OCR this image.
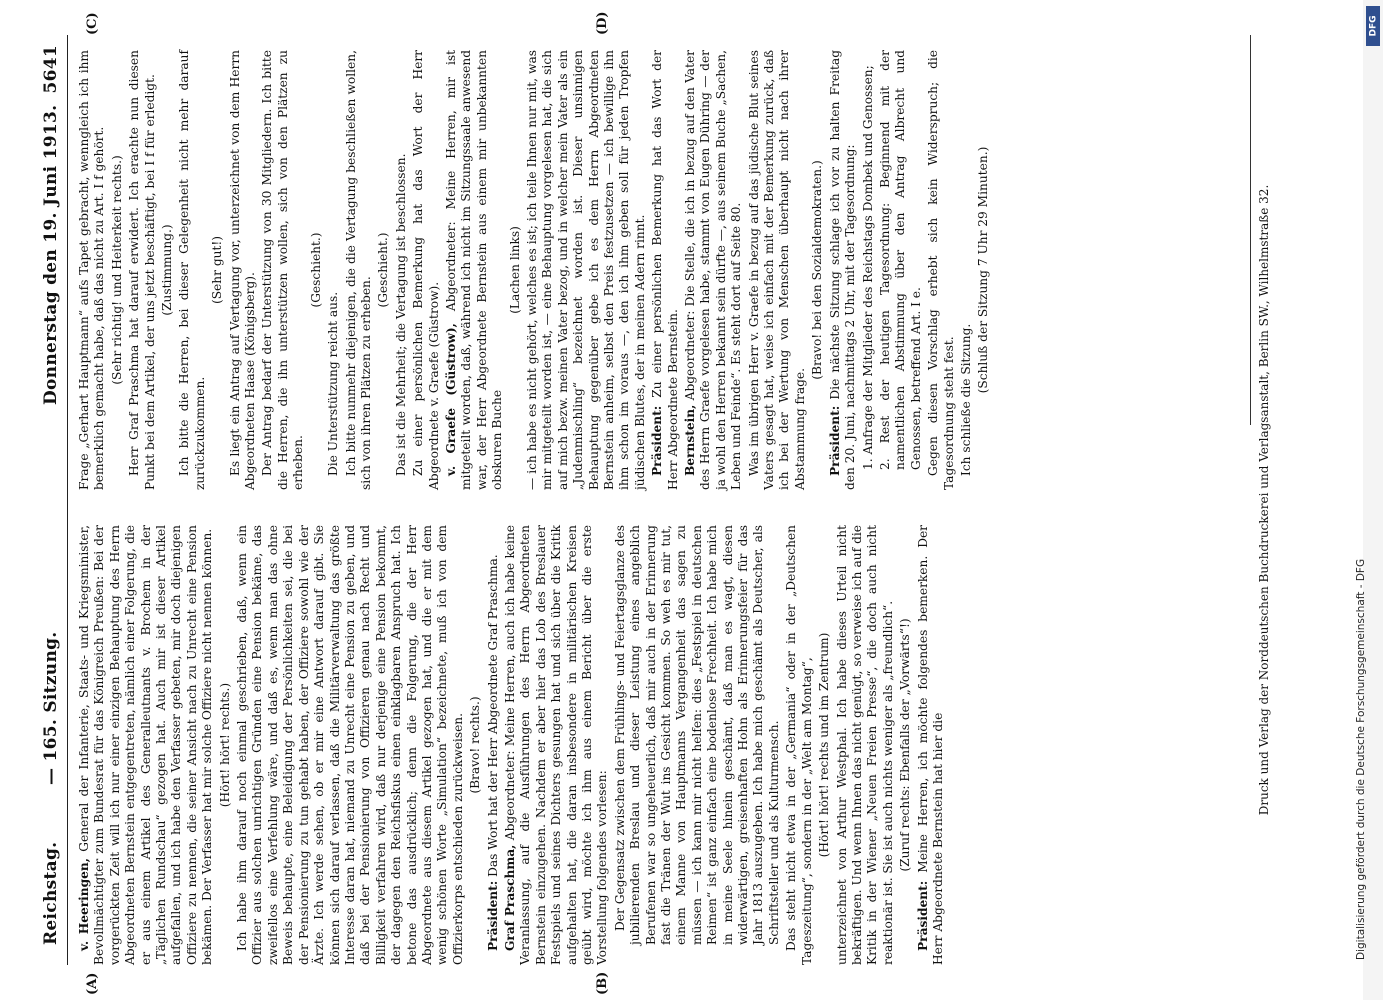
DFG
Digitalisierung gefördert durch die Deutsche Forschungsgemeinschaft - DFG
Reichstag.
— 165. Sitzung.
Donnerstag den 19. Juni 1913.
5641
(A)	(B)
(C)	(D)

v. Heeringen, General der Infanterie, Staats- und Kriegsminister, Bevollmächtigter zum Bundesrat für das Königreich Preußen: Bei der vorgerückten Zeit will ich nur einer einzigen Behauptung des Herrn Abgeordneten Bernstein entgegentreten, nämlich einer Folgerung, die er aus einem Artikel des Generalleutnants v. Brochem in der „Täglichen Rundschau“ gezogen hat. Auch mir ist dieser Artikel aufgefallen, und ich habe den Verfasser gebeten, mir doch diejenigen Offiziere zu nennen, die seiner Ansicht nach zu Unrecht eine Pension bekämen. Der Verfasser hat mir solche Offiziere nicht nennen können. (Hört! hört! rechts.) Ich habe ihm darauf noch einmal geschrieben, daß, wenn ein Offizier aus solchen unrichtigen Gründen eine Pension bekäme, das zweifellos eine Verfehlung wäre, und daß es, wenn man das ohne Beweis behaupte, eine Beleidigung der Persönlichkeiten sei, die bei der Pensionierung zu tun gehabt haben, der Offiziere sowohl wie der Ärzte. Ich werde sehen, ob er mir eine Antwort darauf gibt. Sie können sich darauf verlassen, daß die Militärverwaltung das größte Interesse daran hat, niemand zu Unrecht eine Pension zu geben, und daß bei der Pensionierung von Offizieren genau nach Recht und Billigkeit verfahren wird, daß nur derjenige eine Pension bekommt, der dagegen den Reichsfiskus einen einklagbaren Anspruch hat. Ich betone das ausdrücklich; denn die Folgerung, die der Herr Abgeordnete aus diesem Artikel gezogen hat, und die er mit dem wenig schönen Worte „Simulation“ bezeichnete, muß ich von dem Offizierkorps entschieden zurückweisen. (Bravo! rechts.)

Präsident: Das Wort hat der Herr Abgeordnete Graf Praschma.

Graf Praschma, Abgeordneter: Meine Herren, auch ich habe keine Veranlassung, auf die Ausführungen des Herrn Abgeordneten Bernstein einzugehen. Nachdem er aber hier das Lob des Breslauer Festspiels und seines Dichters gesungen hat und sich über die Kritik aufgehalten hat, die daran insbesondere in militärischen Kreisen geübt wird, möchte ich ihm aus einem Bericht über die erste Vorstellung folgendes vorlesen: Der Gegensatz zwischen dem Frühlings- und Feiertagsglanze des jubilierenden Breslau und dieser Leistung eines angeblich Berufenen war so ungeheuerlich, daß mir auch in der Erinnerung fast die Tränen der Wut ins Gesicht kommen. So weh es mir tut, einem Manne von Hauptmanns Vergangenheit das sagen zu müssen — ich kann mir nicht helfen: dies „Festspiel in deutschen Reimen“ ist ganz einfach eine bodenlose Frechheit. Ich habe mich in meine Seele hinein geschämt, daß man es wagt, diesen widerwärtigen, greisenhaften Hohn als Erinnerungsfeier für das Jahr 1813 auszugeben. Ich habe mich geschämt als Deutscher, als Schriftsteller und als Kulturmensch. Das steht nicht etwa in der „Germania“ oder in der „Deutschen Tageszeitung“, sondern in der „Welt am Montag“, (Hört! hört! rechts und im Zentrum) unterzeichnet von Arthur Westphal. Ich habe dieses Urteil nicht bekräftigen. Und wenn Ihnen das nicht genügt, so verweise ich auf die Kritik in der Wiener „Neuen Freien Presse“, die doch auch nicht reaktionär ist. Sie ist auch nichts weniger als „freundlich“. (Zuruf rechts: Ebenfalls der „Vorwärts“!)

Präsident: Meine Herren, ich möchte folgendes bemerken. Der Herr Abgeordnete Bernstein hat hier die

Frage „Gerhart Hauptmann“ aufs Tapet gebracht, wenngleich ich ihm bemerklich gemacht habe, daß das nicht zu Art. I f gehört. (Sehr richtig! und Heiterkeit rechts.) Herr Graf Praschma hat darauf erwidert. Ich erachte nun diesen Punkt bei dem Artikel, der uns jetzt beschäftigt, bei I f für erledigt. (Zustimmung.) Ich bitte die Herren, bei dieser Gelegenheit nicht mehr darauf zurückzukommen.

(Sehr gut!) Es liegt ein Antrag auf Vertagung vor, unterzeichnet von dem Herrn Abgeordneten Haase (Königsberg). Der Antrag bedarf der Unterstützung von 30 Mitgliedern. Ich bitte die Herren, die ihn unterstützen wollen, sich von den Plätzen zu erheben.

(Geschieht.)

Die Unterstützung reicht aus. Ich bitte nunmehr diejenigen, die die Vertagung beschließen wollen, sich von ihren Plätzen zu erheben.

(Geschieht.) Das ist die Mehrheit; die Vertagung ist beschlossen. Zu einer persönlichen Bemerkung hat das Wort der Herr Abgeordnete v. Graefe (Güstrow). v. Graefe (Güstrow), Abgeordneter: Meine Herren, mir ist mitgeteilt worden, daß, während ich nicht im Sitzungssaale anwesend war, der Herr Abgeordnete Bernstein aus einem mir unbekannten obskuren Buche

(Lachen links) — ich habe es nicht gehört, welches es ist; ich teile Ihnen nur mit, was mir mitgeteilt worden ist, — eine Behauptung vorgelesen hat, die sich auf mich bezw. meinen Vater bezog, und in welcher mein Vater als ein „Judenmischling“ bezeichnet worden ist. Dieser unsinnigen Behauptung gegenüber gebe ich es dem Herrn Abgeordneten Bernstein anheim, selbst den Preis festzusetzen — ich bewillige ihn ihm schon im voraus —, den ich ihm geben soll für jeden Tropfen jüdischen Blutes, der in meinen Adern rinnt. Präsident: Zu einer persönlichen Bemerkung hat das Wort der Herr Abgeordnete Bernstein. Bernstein, Abgeordneter: Die Stelle, die ich in bezug auf den Vater des Herrn Graefe vorgelesen habe, stammt von Eugen Dühring — der ja wohl den Herren bekannt sein dürfte —, aus seinem Buche „Sachen, Leben und Feinde“. Es steht dort auf Seite 80. Was im übrigen Herr v. Graefe in bezug auf das jüdische Blut seines Vaters gesagt hat, weise ich einfach mit der Bemerkung zurück, daß ich bei der Wertung von Menschen überhaupt nicht nach ihrer Abstammung frage.

(Bravo! bei den Sozialdemokraten.)

Präsident: Die nächste Sitzung schlage ich vor zu halten Freitag den 20. Juni, nachmittags 2 Uhr, mit der Tagesordnung: 1. Anfrage der Mitglieder des Reichstags Dombek und Genossen; 2. Rest der heutigen Tagesordnung: Beginnend mit der namentlichen Abstimmung über den Antrag Albrecht und Genossen, betreffend Art. I e. Gegen diesen Vorschlag erhebt sich kein Widerspruch; die Tagesordnung steht fest. Ich schließe die Sitzung.

(Schluß der Sitzung 7 Uhr 29 Minuten.)	Druck und Verlag der Norddeutschen Buchdruckerei und Verlagsanstalt, Berlin SW., Wilhelmstraße 32.
